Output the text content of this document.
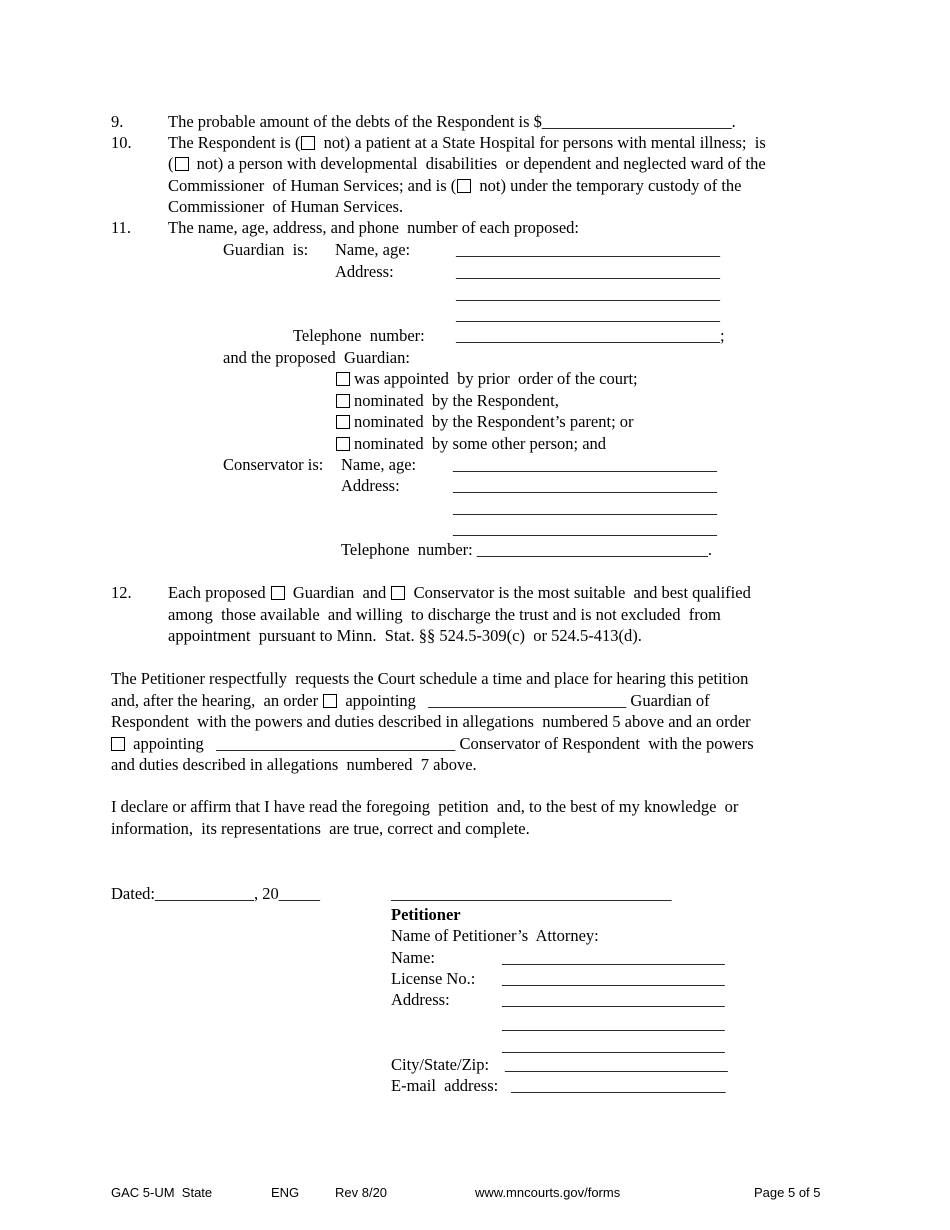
9.	The probable amount of the debts of the Respondent is $_______________________.
10. The Respondent is ( not) a patient at a State Hospital for persons with mental illness;  is
( not) a person with developmental  disabilities  or dependent and neglected ward of the
Commissioner  of Human Services; and is ( not) under the temporary custody of the
Commissioner  of Human Services.
11. The name, age, address, and phone  number of each proposed:
Guardian  is: Name, age:	________________________________
Address:	________________________________
________________________________
________________________________
Telephone  number: ________________________________;
and the proposed  Guardian:
was appointed  by prior  order of the court;
nominated  by the Respondent,
nominated  by the Respondent’s parent; or
nominated  by some other person; and
Conservator is: Name, age: ________________________________
Address:	________________________________
________________________________
________________________________
Telephone  number: ____________________________.
12. Each proposed  Guardian  and  Conservator is the most suitable  and best qualified
among  those available  and willing  to discharge the trust and is not excluded  from
appointment  pursuant to Minn.  Stat. §§ 524.5-309(c)  or 524.5-413(d).
The Petitioner respectfully  requests the Court schedule a time and place for hearing this petition
and, after the hearing,  an order  appointing   ________________________ Guardian of
Respondent  with the powers and duties described in allegations  numbered 5 above and an order
appointing   _____________________________ Conservator of Respondent  with the powers
and duties described in allegations  numbered  7 above.
I declare or affirm that I have read the foregoing  petition  and, to the best of my knowledge  or
information,  its representations  are true, correct and complete.
Dated:____________, 20_____	__________________________________
Petitioner
Name of Petitioner’s  Attorney:
Name:	___________________________
License No.: ___________________________
Address:	___________________________
___________________________
___________________________
City/State/Zip: ___________________________
E-mail  address: __________________________
GAC 5-UM  State	ENG	Rev 8/20	www.mncourts.gov/forms	Page 5 of 5
